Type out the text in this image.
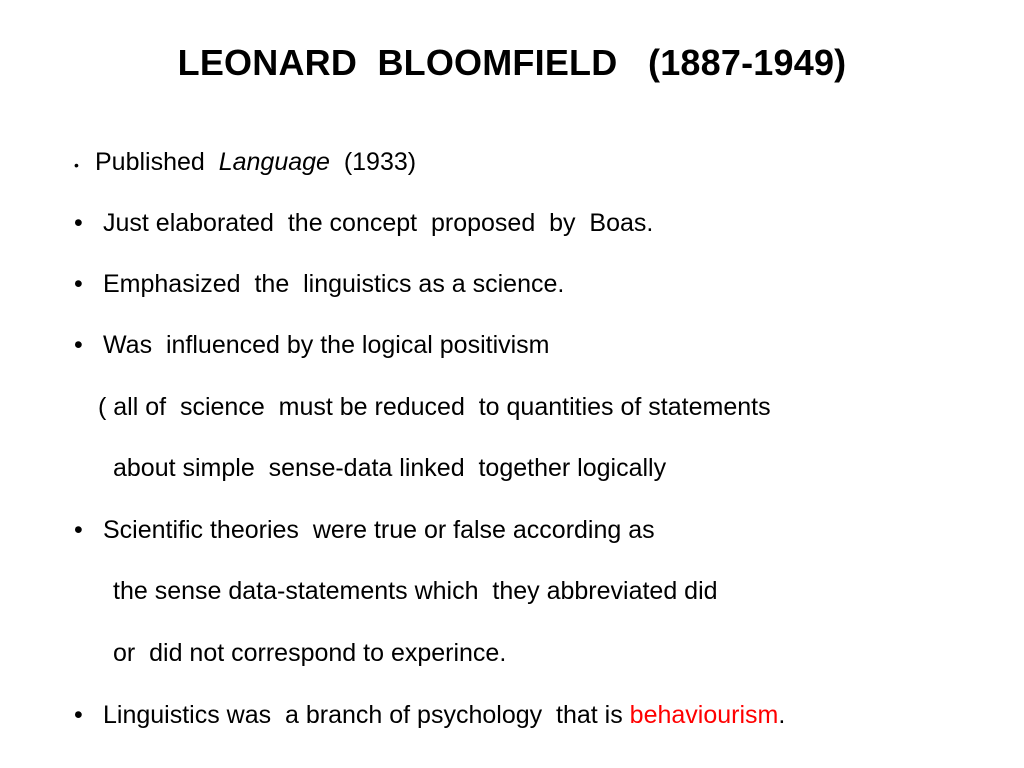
LEONARD  BLOOMFIELD   (1887-1949)
• Published  Language  (1933)
• Just elaborated  the concept  proposed  by  Boas.
• Emphasized  the  linguistics as a science.
• Was  influenced by the logical positivism
( all of  science  must be reduced  to quantities of statements
about simple  sense-data linked  together logically
• Scientific theories  were true or false according as
the sense data-statements which  they abbreviated did
or  did not correspond to experince.
• Linguistics was  a branch of psychology  that is behaviourism.
